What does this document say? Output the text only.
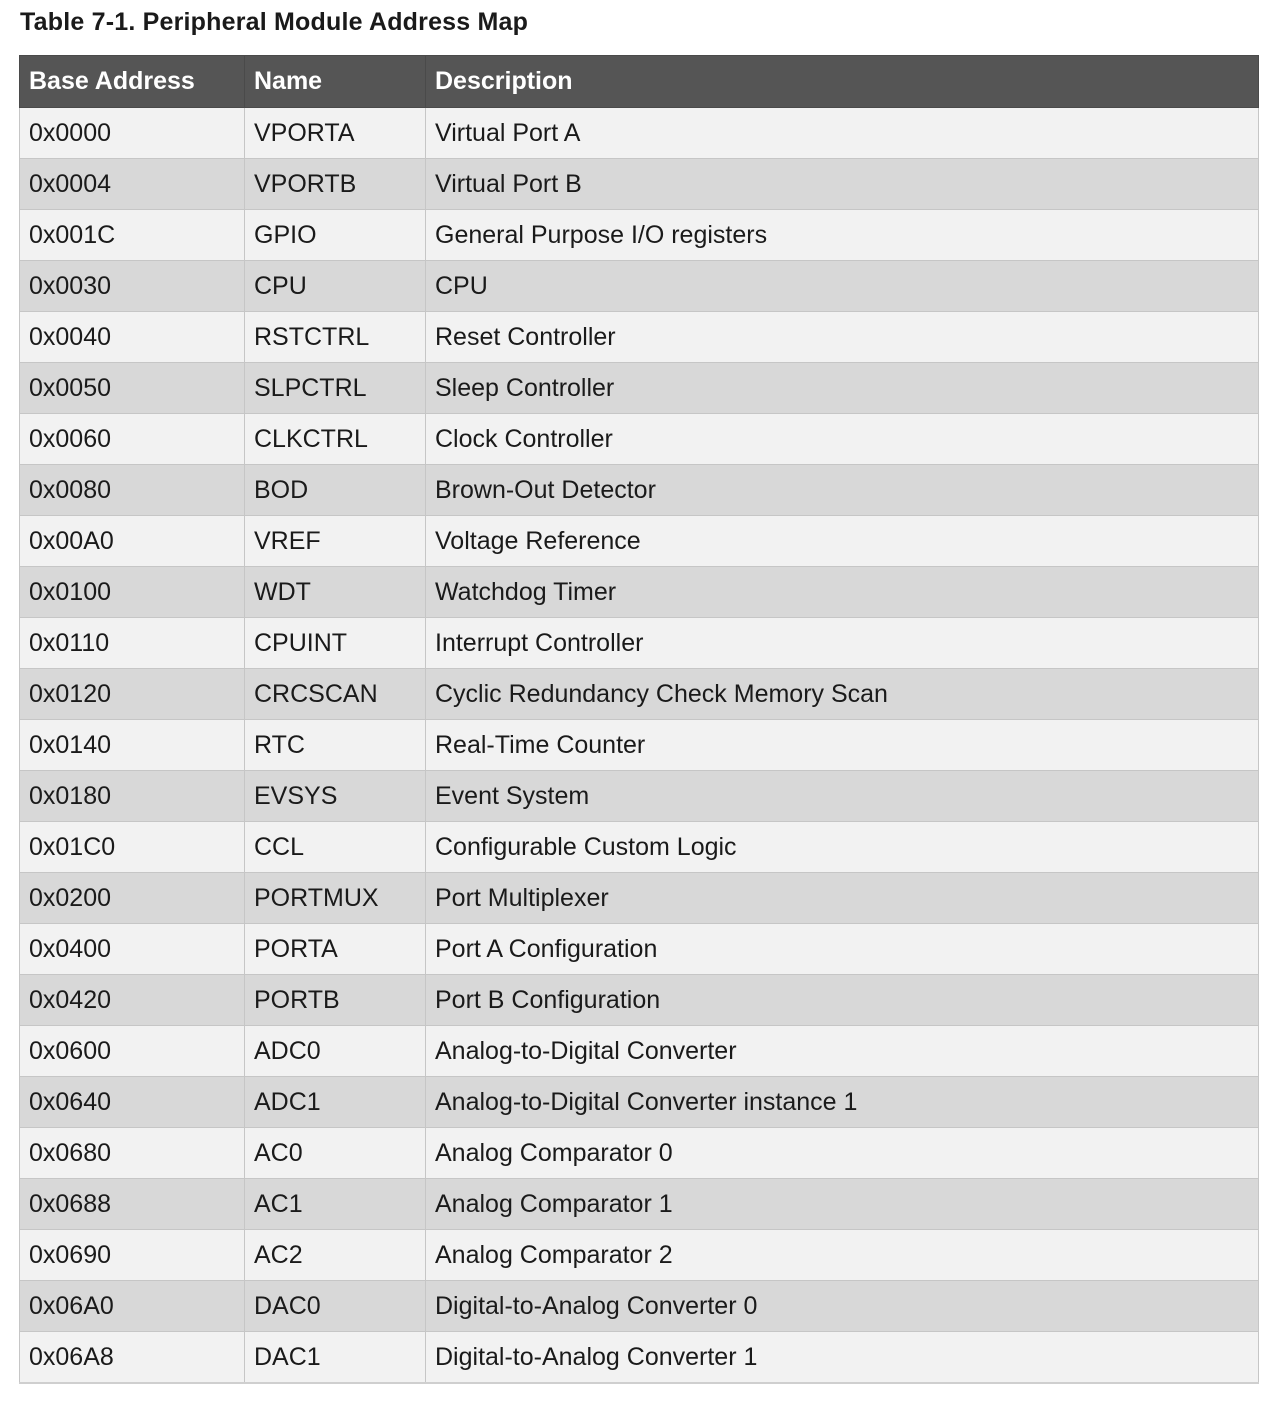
Table 7-1. Peripheral Module Address Map
Base Address	Name	Description
0x0000	VPORTA	Virtual Port A
0x0004	VPORTB	Virtual Port B
0x001C	GPIO	General Purpose I/O registers
0x0030	CPU	CPU
0x0040	RSTCTRL	Reset Controller
0x0050	SLPCTRL	Sleep Controller
0x0060	CLKCTRL	Clock Controller
0x0080	BOD	Brown-Out Detector
0x00A0	VREF	Voltage Reference
0x0100	WDT	Watchdog Timer
0x0110	CPUINT	Interrupt Controller
0x0120	CRCSCAN	Cyclic Redundancy Check Memory Scan
0x0140	RTC	Real-Time Counter
0x0180	EVSYS	Event System
0x01C0	CCL	Configurable Custom Logic
0x0200	PORTMUX	Port Multiplexer
0x0400	PORTA	Port A Configuration
0x0420	PORTB	Port B Configuration
0x0600	ADC0	Analog-to-Digital Converter
0x0640	ADC1	Analog-to-Digital Converter instance 1
0x0680	AC0	Analog Comparator 0
0x0688	AC1	Analog Comparator 1
0x0690	AC2	Analog Comparator 2
0x06A0	DAC0	Digital-to-Analog Converter 0
0x06A8	DAC1	Digital-to-Analog Converter 1
